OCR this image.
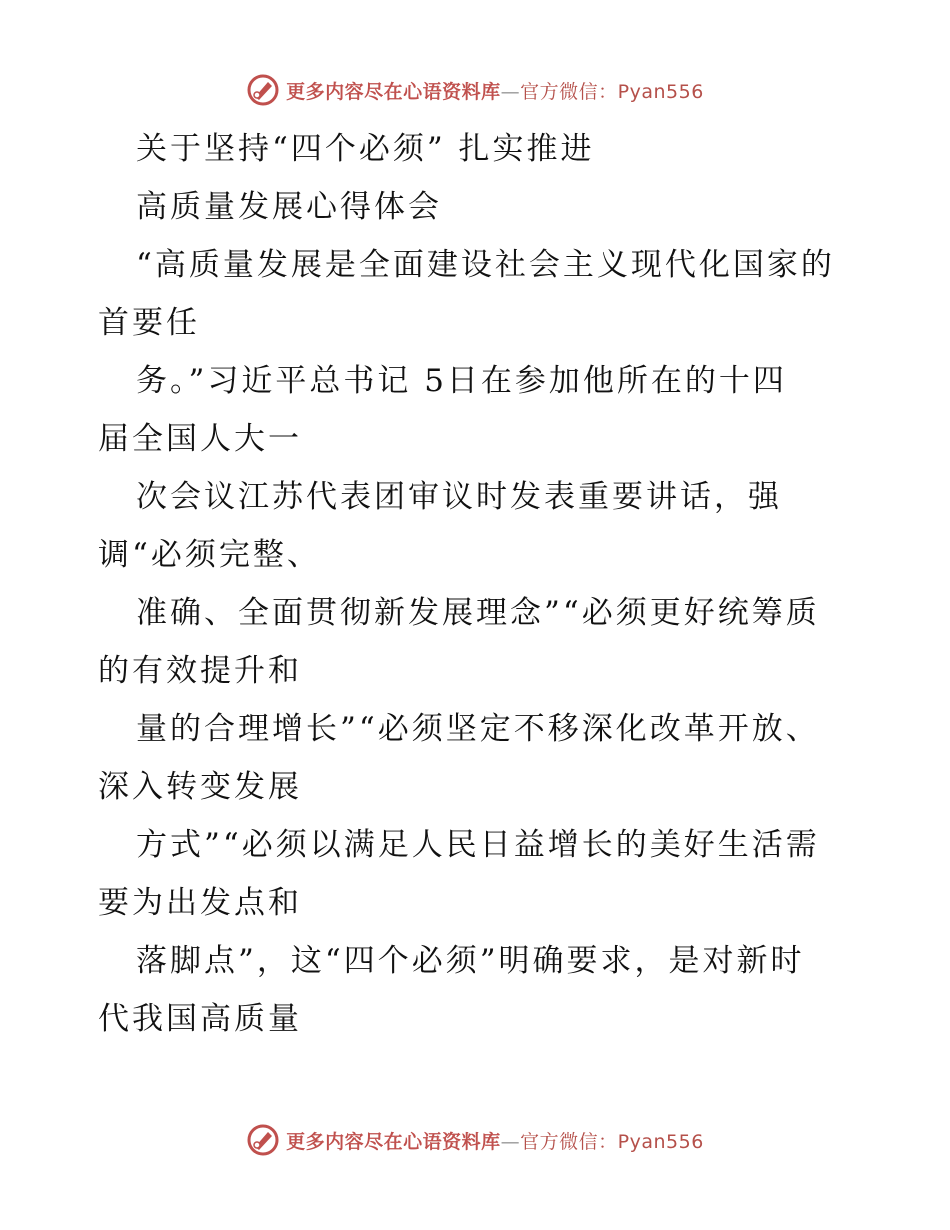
更多内容尽在心语资料库—官方微信：Pyan556
关于坚持“四个必须” 扎实推进
高质量发展心得体会
“高质量发展是全面建设社会主义现代化国家的
首要任
务。”习近平总书记 5日在参加他所在的十四
届全国人大一
次会议江苏代表团审议时发表重要讲话，强
调“必须完整、
准确、全面贯彻新发展理念”“必须更好统筹质
的有效提升和
量的合理增长”“必须坚定不移深化改革开放、
深入转变发展
方式”“必须以满足人民日益增长的美好生活需
要为出发点和
落脚点”，这“四个必须”明确要求，是对新时
代我国高质量
更多内容尽在心语资料库—官方微信：Pyan556
